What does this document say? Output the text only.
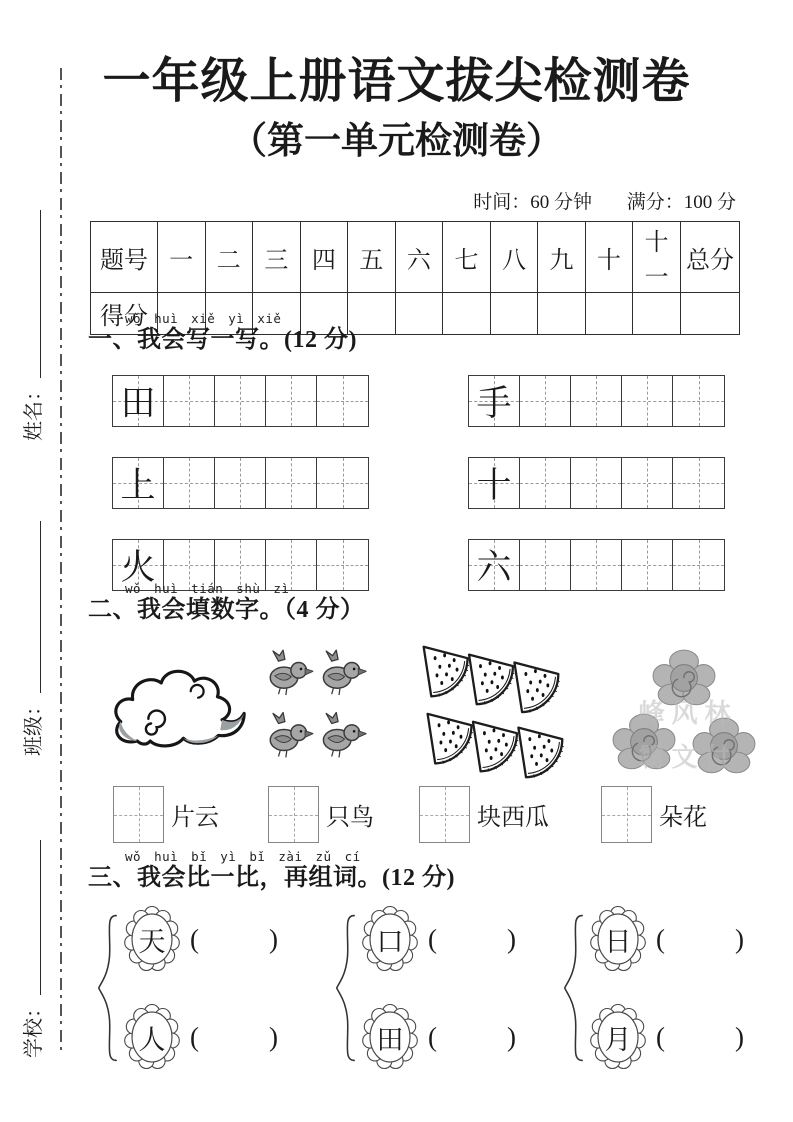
姓名：
班级：
学校：
一年级上册语文拔尖检测卷
（第一单元检测卷）
时间：60 分钟 满分：100 分
题号	一	二	三	四	五	六	七	八	九	十	十一	总分
得分												
wǒ huì xiě yì xiě
一、我会写一写。(12 分)
田	手
上	十
火	六
wǒ huì tián shù zì
二、我会填数字。（4 分）
峰风林
霸文付
片云	只鸟	块西瓜	朵花
wǒ huì bǐ yì bǐ zài zǔ cí
三、我会比一比，再组词。(12 分)
天 (	)
人 (	)
口 (	)
田 (	)
日 (	)
月 (	)
